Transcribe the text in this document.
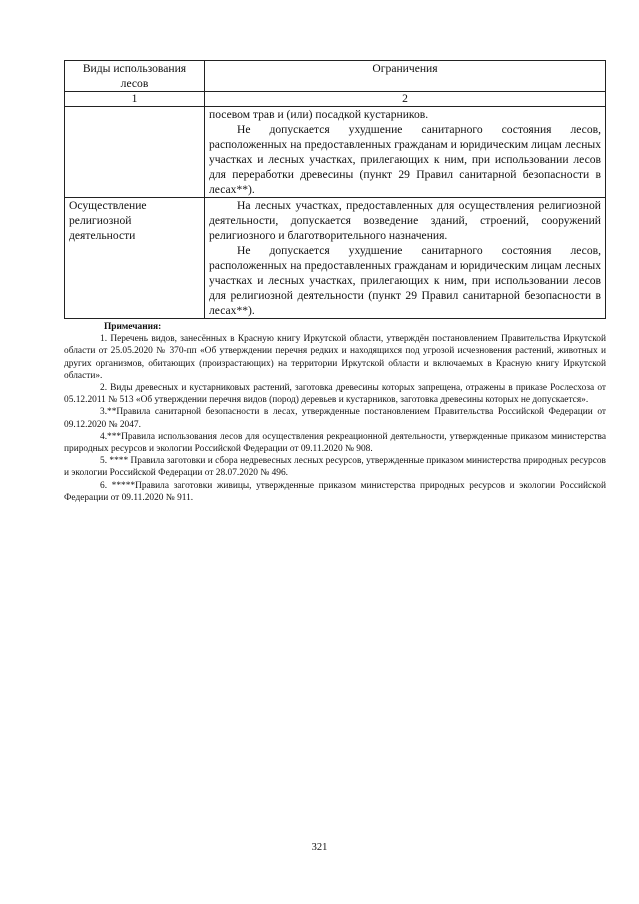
Виды использования лесов	Ограничения
1	2

	посевом трав и (или) посадкой кустарников.

Не допускается ухудшение санитарного состояния лесов, расположенных на предоставленных гражданам и юридическим лицам лесных участках и лесных участках, прилегающих к ним, при использовании лесов для переработки древесины (пункт 29 Правил санитарной безопасности в лесах**).

Осуществление религиозной деятельности	На лесных участках, предоставленных для осуществления религиозной деятельности, допускается возведение зданий, строений, сооружений религиозного и благотворительного назначения.

Не допускается ухудшение санитарного состояния лесов, расположенных на предоставленных гражданам и юридическим лицам лесных участках и лесных участках, прилегающих к ним, при использовании лесов для религиозной деятельности (пункт 29 Правил санитарной безопасности в лесах**).

Примечания:

1. Перечень видов, занесённых в Красную книгу Иркутской области, утверждён постановлением Правительства Иркутской области от 25.05.2020 № 370-пп «Об утверждении перечня редких и находящихся под угрозой исчезновения растений, животных и других организмов, обитающих (произрастающих) на территории Иркутской области и включаемых в Красную книгу Иркутской области».

2. Виды древесных и кустарниковых растений, заготовка древесины которых запрещена, отражены в приказе Рослесхоза от 05.12.2011 № 513 «Об утверждении перечня видов (пород) деревьев и кустарников, заготовка древесины которых не допускается».

3.**Правила санитарной безопасности в лесах, утвержденные постановлением Правительства Российской Федерации от 09.12.2020 № 2047.

4.***Правила использования лесов для осуществления рекреационной деятельности, утвержденные приказом министерства природных ресурсов и экологии Российской Федерации от 09.11.2020 № 908.

5. **** Правила заготовки и сбора недревесных лесных ресурсов, утвержденные приказом министерства природных ресурсов и экологии Российской Федерации от 28.07.2020 № 496.

6. *****Правила заготовки живицы, утвержденные приказом министерства природных ресурсов и экологии Российской Федерации от 09.11.2020 № 911.

321
